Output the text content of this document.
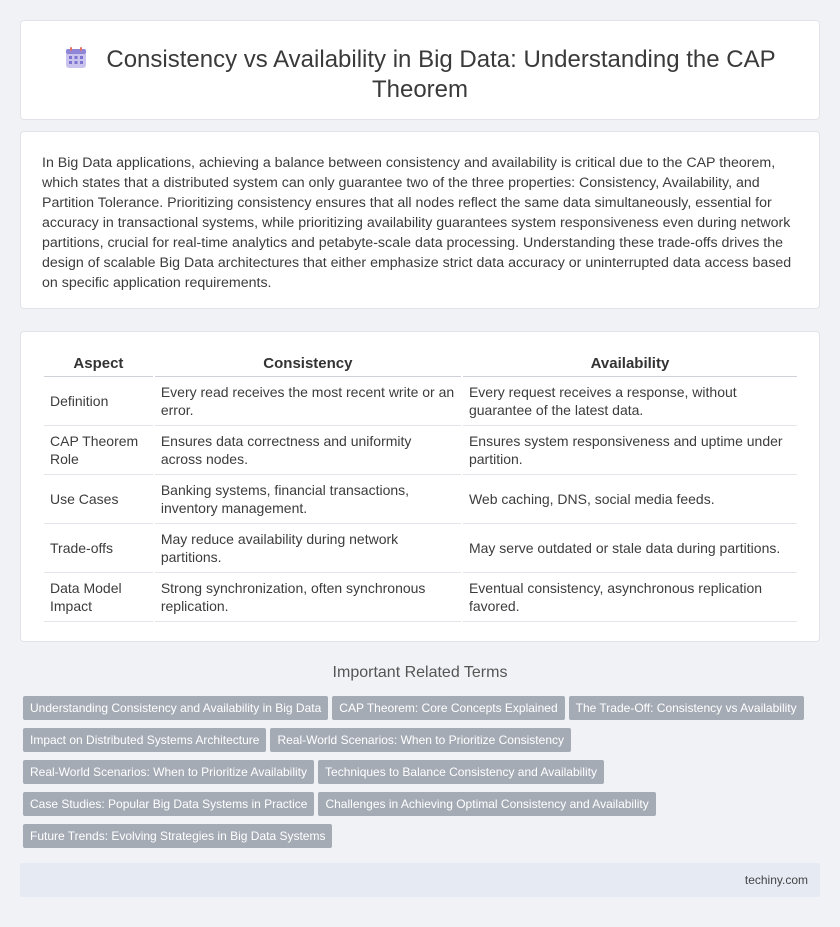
Consistency vs Availability in Big Data: Understanding the CAP Theorem

In Big Data applications, achieving a balance between consistency and availability is critical due to the CAP theorem, which states that a distributed system can only guarantee two of the three properties: Consistency, Availability, and Partition Tolerance. Prioritizing consistency ensures that all nodes reflect the same data simultaneously, essential for accuracy in transactional systems, while prioritizing availability guarantees system responsiveness even during network partitions, crucial for real-time analytics and petabyte-scale data processing. Understanding these trade-offs drives the design of scalable Big Data architectures that either emphasize strict data accuracy or uninterrupted data access based on specific application requirements.

Aspect	Consistency	Availability
Definition	Every read receives the most recent write or an error.	Every request receives a response, without guarantee of the latest data.
CAP Theorem Role	Ensures data correctness and uniformity across nodes.	Ensures system responsiveness and uptime under partition.
Use Cases	Banking systems, financial transactions, inventory management.	Web caching, DNS, social media feeds.
Trade-offs	May reduce availability during network partitions.	May serve outdated or stale data during partitions.
Data Model Impact	Strong synchronization, often synchronous replication.	Eventual consistency, asynchronous replication favored.
Important Related Terms
Understanding Consistency and Availability in Big Data CAP Theorem: Core Concepts Explained The Trade-Off: Consistency vs Availability
Impact on Distributed Systems Architecture Real-World Scenarios: When to Prioritize Consistency
Real-World Scenarios: When to Prioritize Availability Techniques to Balance Consistency and Availability
Case Studies: Popular Big Data Systems in Practice Challenges in Achieving Optimal Consistency and Availability
Future Trends: Evolving Strategies in Big Data Systems
techiny.com
